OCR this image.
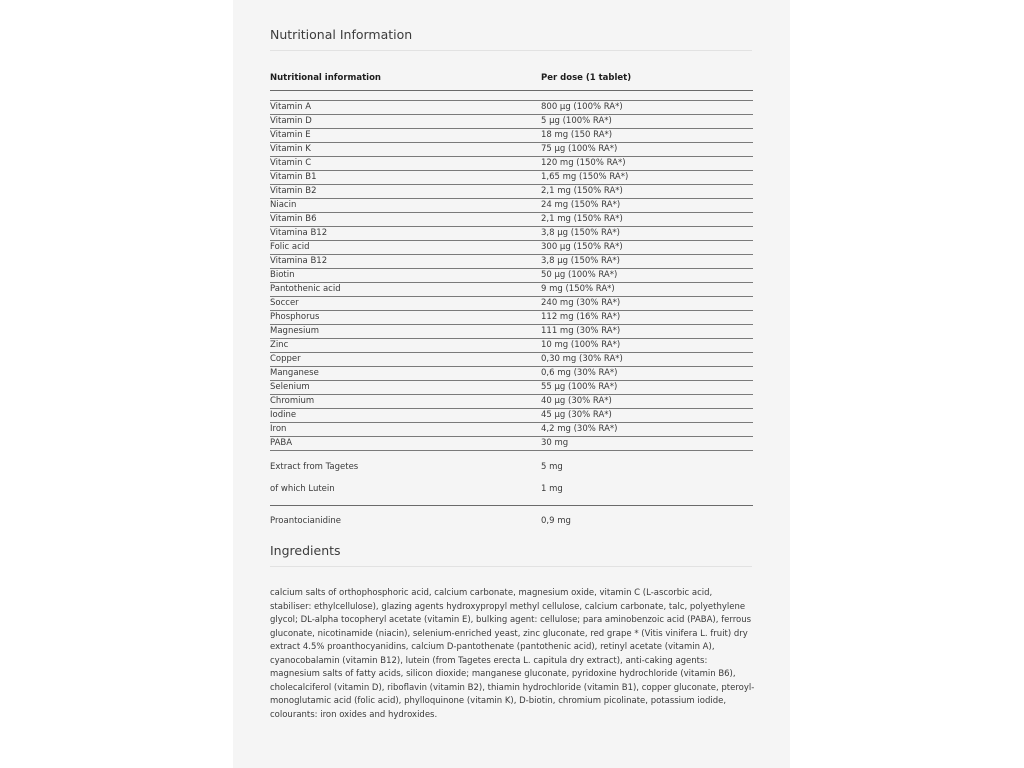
Nutritional Information
Nutritional information	Per dose (1 tablet)
Vitamin A	800 µg (100% RA*)
Vitamin D	5 µg (100% RA*)
Vitamin E	18 mg (150 RA*)
Vitamin K	75 µg (100% RA*)
Vitamin C	120 mg (150% RA*)
Vitamin B1	1,65 mg (150% RA*)
Vitamin B2	2,1 mg (150% RA*)
Niacin	24 mg (150% RA*)
Vitamin B6	2,1 mg (150% RA*)
Vitamina B12	3,8 µg (150% RA*)
Folic acid	300 µg (150% RA*)
Vitamina B12	3,8 µg (150% RA*)
Biotin	50 µg (100% RA*)
Pantothenic acid	9 mg (150% RA*)
Soccer	240 mg (30% RA*)
Phosphorus	112 mg (16% RA*)
Magnesium	111 mg (30% RA*)
Zinc	10 mg (100% RA*)
Copper	0,30 mg (30% RA*)
Manganese	0,6 mg (30% RA*)
Selenium	55 µg (100% RA*)
Chromium	40 µg (30% RA*)
Iodine	45 µg (30% RA*)
Iron	4,2 mg (30% RA*)
PABA	30 mg
Extract from Tagetes	5 mg
of which Lutein	1 mg
Proantocianidine	0,9 mg
Ingredients

calcium salts of orthophosphoric acid, calcium carbonate, magnesium oxide, vitamin C (L-ascorbic acid, stabiliser: ethylcellulose), glazing agents hydroxypropyl methyl cellulose, calcium carbonate, talc, polyethylene glycol; DL-alpha tocopheryl acetate (vitamin E), bulking agent: cellulose; para aminobenzoic acid (PABA), ferrous gluconate, nicotinamide (niacin), selenium-enriched yeast, zinc gluconate, red grape * (Vitis vinifera L. fruit) dry extract 4.5% proanthocyanidins, calcium D-pantothenate (pantothenic acid), retinyl acetate (vitamin A), cyanocobalamin (vitamin B12), lutein (from Tagetes erecta L. capitula dry extract), anti-caking agents: magnesium salts of fatty acids, silicon dioxide; manganese gluconate, pyridoxine hydrochloride (vitamin B6), cholecalciferol (vitamin D), riboflavin (vitamin B2), thiamin hydrochloride (vitamin B1), copper gluconate, pteroyl-monoglutamic acid (folic acid), phylloquinone (vitamin K), D-biotin, chromium picolinate, potassium iodide, colourants: iron oxides and hydroxides.
